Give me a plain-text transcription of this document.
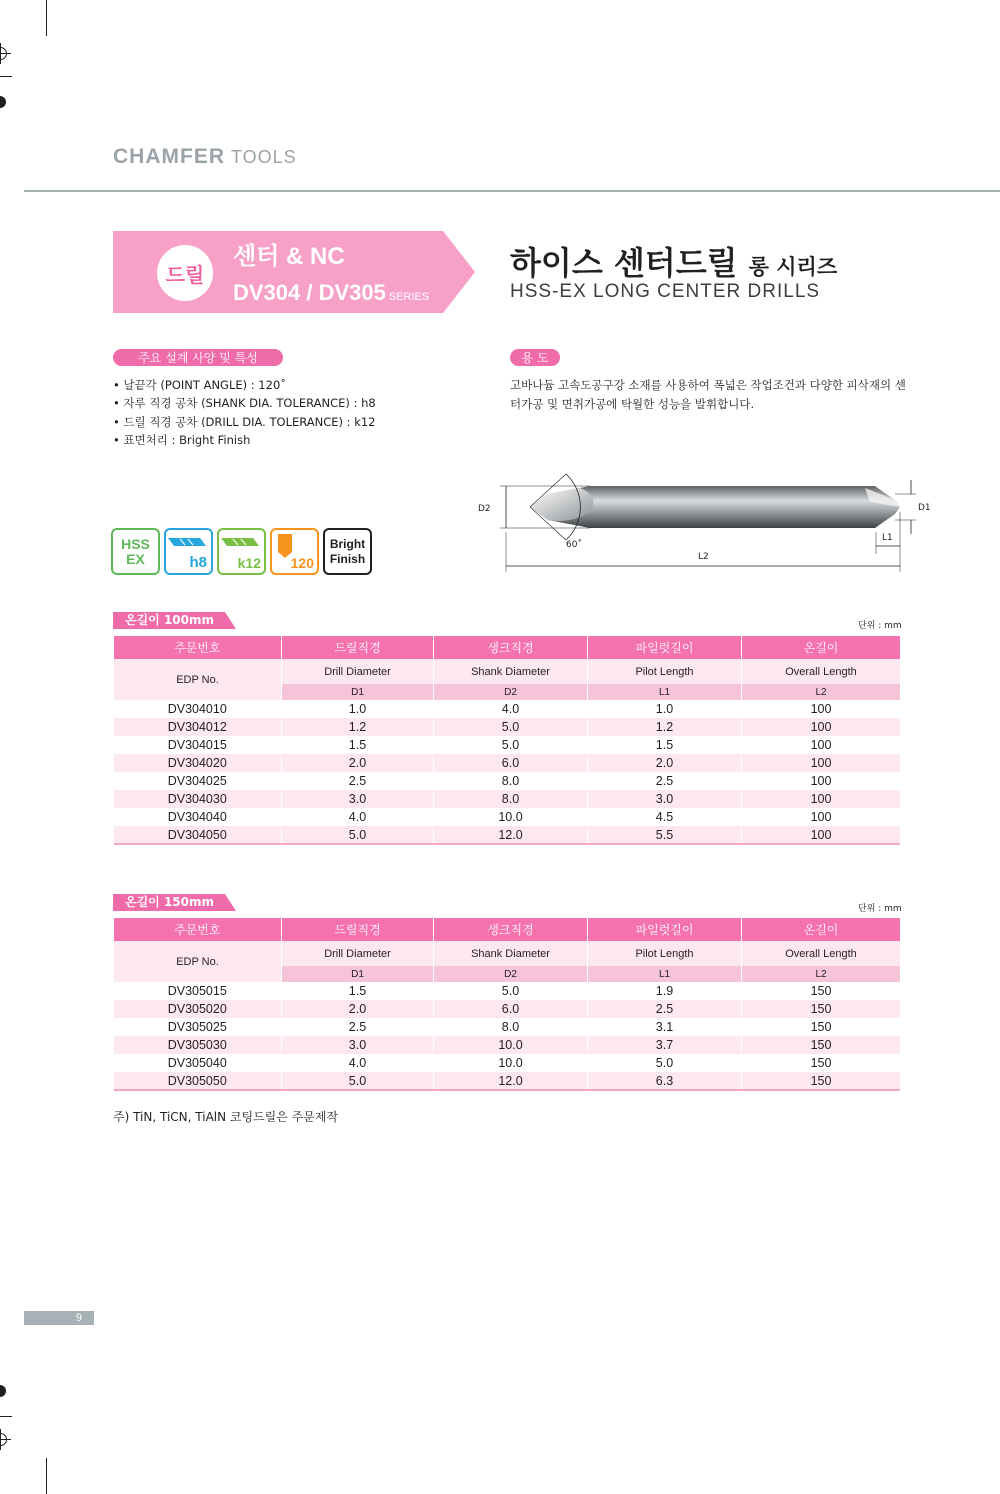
CHAMFER TOOLS
드릴
센터 & NC
DV304 / DV305 SERIES
하이스 센터드릴 롱 시리즈
HSS-EX LONG CENTER DRILLS
주요 설계 사양 및 특성
• 날끝각 (POINT ANGLE) : 120˚
• 자루 직경 공차 (SHANK DIA. TOLERANCE) : h8
• 드릴 직경 공차 (DRILL DIA. TOLERANCE) : k12
• 표면처리 : Bright Finish
용 도
고바나듐 고속도공구강 소재를 사용하여 폭넓은 작업조건과 다양한 피삭재의 센터가공 및 면취가공에 탁월한 성능을 발휘합니다.
D2	D1
60˚
L1
L2
HSS
EX	h8 k12 120
Bright
Finish
온길이 100mm	단위 : mm
주문번호	드릴직경	생크직경	파일럿길이	온길이
EDP No.	Drill Diameter	Shank Diameter	Pilot Length	Overall Length
	D1	D2	L1	L2
DV304010	1.0	4.0	1.0	100
DV304012	1.2	5.0	1.2	100
DV304015	1.5	5.0	1.5	100
DV304020	2.0	6.0	2.0	100
DV304025	2.5	8.0	2.5	100
DV304030	3.0	8.0	3.0	100
DV304040	4.0	10.0	4.5	100
DV304050	5.0	12.0	5.5	100
온길이 150mm	단위 : mm
주문번호	드릴직경	생크직경	파일럿길이	온길이
EDP No.	Drill Diameter	Shank Diameter	Pilot Length	Overall Length
	D1	D2	L1	L2
DV305015	1.5	5.0	1.9	150
DV305020	2.0	6.0	2.5	150
DV305025	2.5	8.0	3.1	150
DV305030	3.0	10.0	3.7	150
DV305040	4.0	10.0	5.0	150
DV305050	5.0	12.0	6.3	150
주) TiN, TiCN, TiAlN 코팅드릴은 주문제작
9
